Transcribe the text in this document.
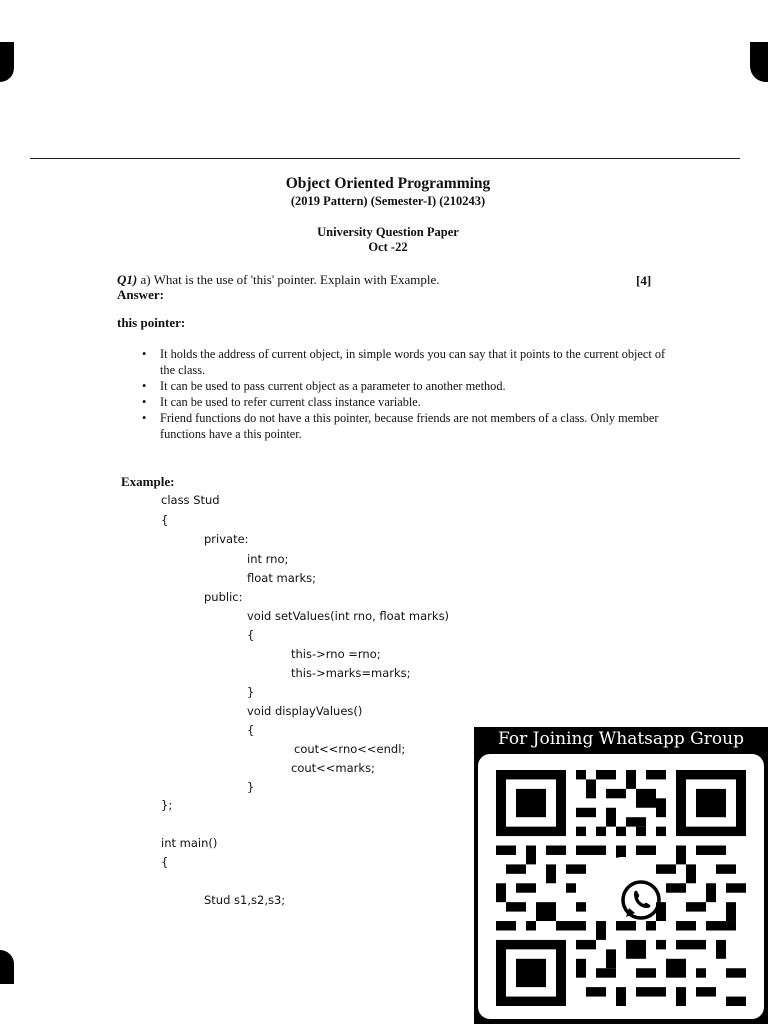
Object Oriented Programming
(2019 Pattern) (Semester-I) (210243)
University Question Paper
Oct -22
Q1) a) What is the use of 'this' pointer. Explain with Example.	[4]
Answer:
this pointer:
• It holds the address of current object, in simple words you can say that it points to the current object of the class.
• It can be used to pass current object as a parameter to another method.
• It can be used to refer current class instance variable.
• Friend functions do not have a this pointer, because friends are not members of a class. Only member functions have a this pointer.
Example:
class Stud
{
private:
int rno;
float marks;
public:
void setValues(int rno, float marks)
{
this->rno =rno;
this->marks=marks;
}
void displayValues()
{
cout<<rno<<endl;
cout<<marks;
}
};
int main()
{
Stud s1,s2,s3;
For Joining Whatsapp Group
